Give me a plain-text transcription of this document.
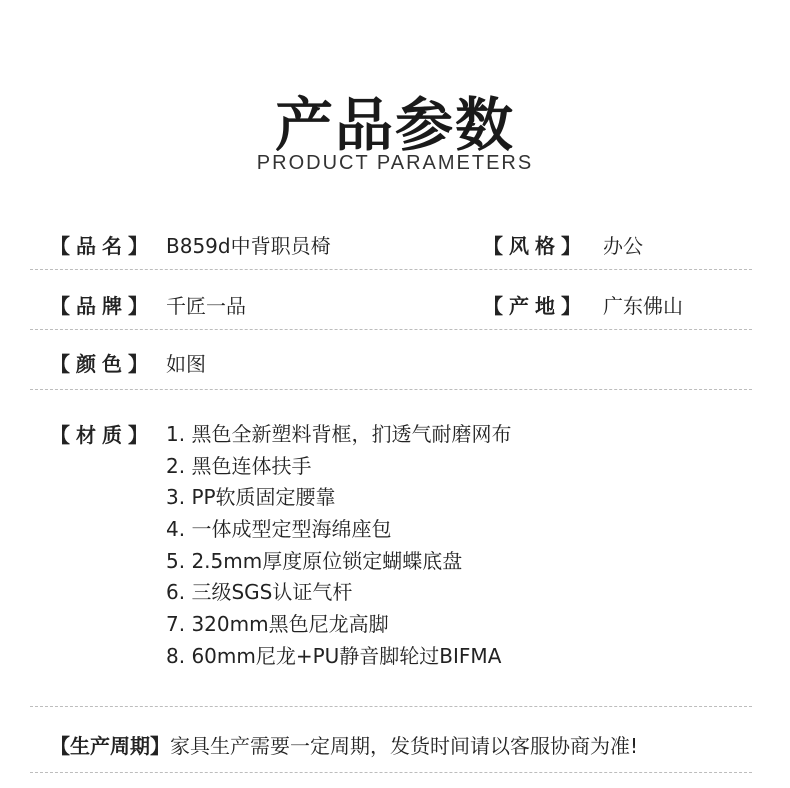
产品参数
PRODUCT PARAMETERS
【 品 名 】 B859d中背职员椅	【 风 格 】 办公
【 品 牌 】 千匠一品	【 产 地 】 广东佛山
【 颜 色 】 如图
【 材 质 】 1. 黑色全新塑料背框，扪透气耐磨网布
2. 黑色连体扶手
3. PP软质固定腰靠
4. 一体成型定型海绵座包
5. 2.5mm厚度原位锁定蝴蝶底盘
6. 三级SGS认证气杆
7. 320mm黑色尼龙高脚
8. 60mm尼龙+PU静音脚轮过BIFMA
【生产周期】家具生产需要一定周期，发货时间请以客服协商为准!
